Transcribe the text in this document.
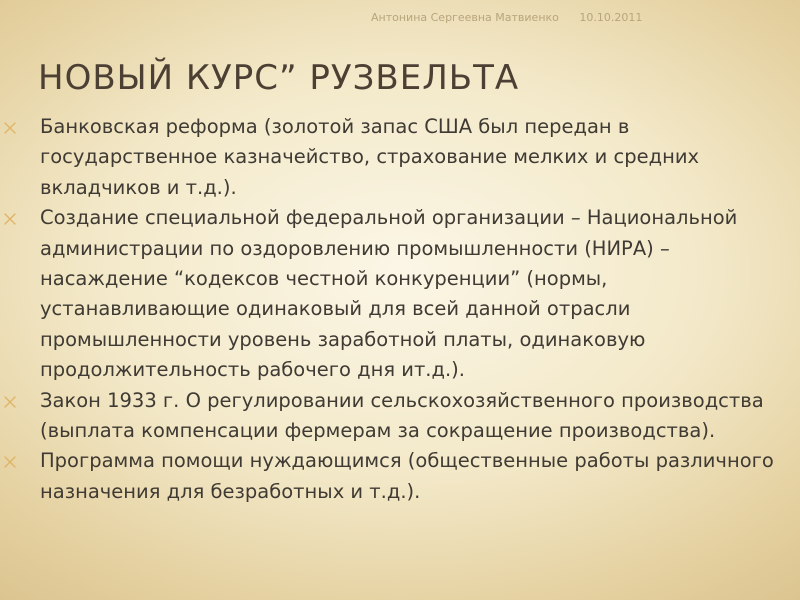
Антонина Сергеевна Матвиенко 10.10.2011
НОВЫЙ КУРС” РУЗВЕЛЬТА
Банковская реформа (золотой запас США был передан в государственное казначейство, страхование мелких и средних вкладчиков и т.д.).
Создание специальной федеральной организации – Национальной администрации по оздоровлению промышленности (НИРА) – насаждение “кодексов честной конкуренции” (нормы, устанавливающие одинаковый для всей данной отрасли промышленности уровень заработной платы, одинаковую продолжительность рабочего дня ит.д.).
Закон 1933 г. О регулировании сельскохозяйственного производства (выплата компенсации фермерам за сокращение производства).
Программа помощи нуждающимся (общественные работы различного назначения для безработных и т.д.).
